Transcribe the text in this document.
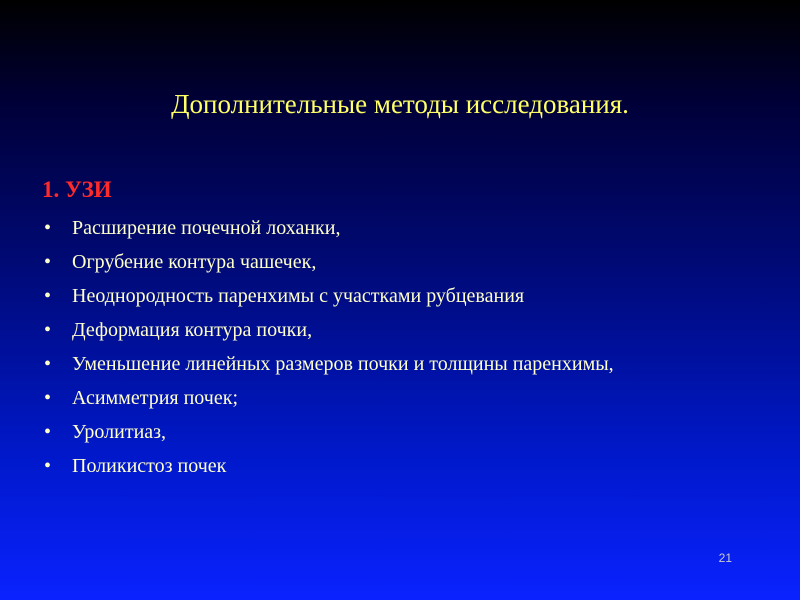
Дополнительные методы исследования.
1. УЗИ
• Расширение почечной лоханки,
• Огрубение контура чашечек,
• Неоднородность паренхимы с участками рубцевания
• Деформация контура почки,
• Уменьшение линейных размеров почки и толщины паренхимы,
• Асимметрия почек;
• Уролитиаз,
• Поликистоз почек
21
